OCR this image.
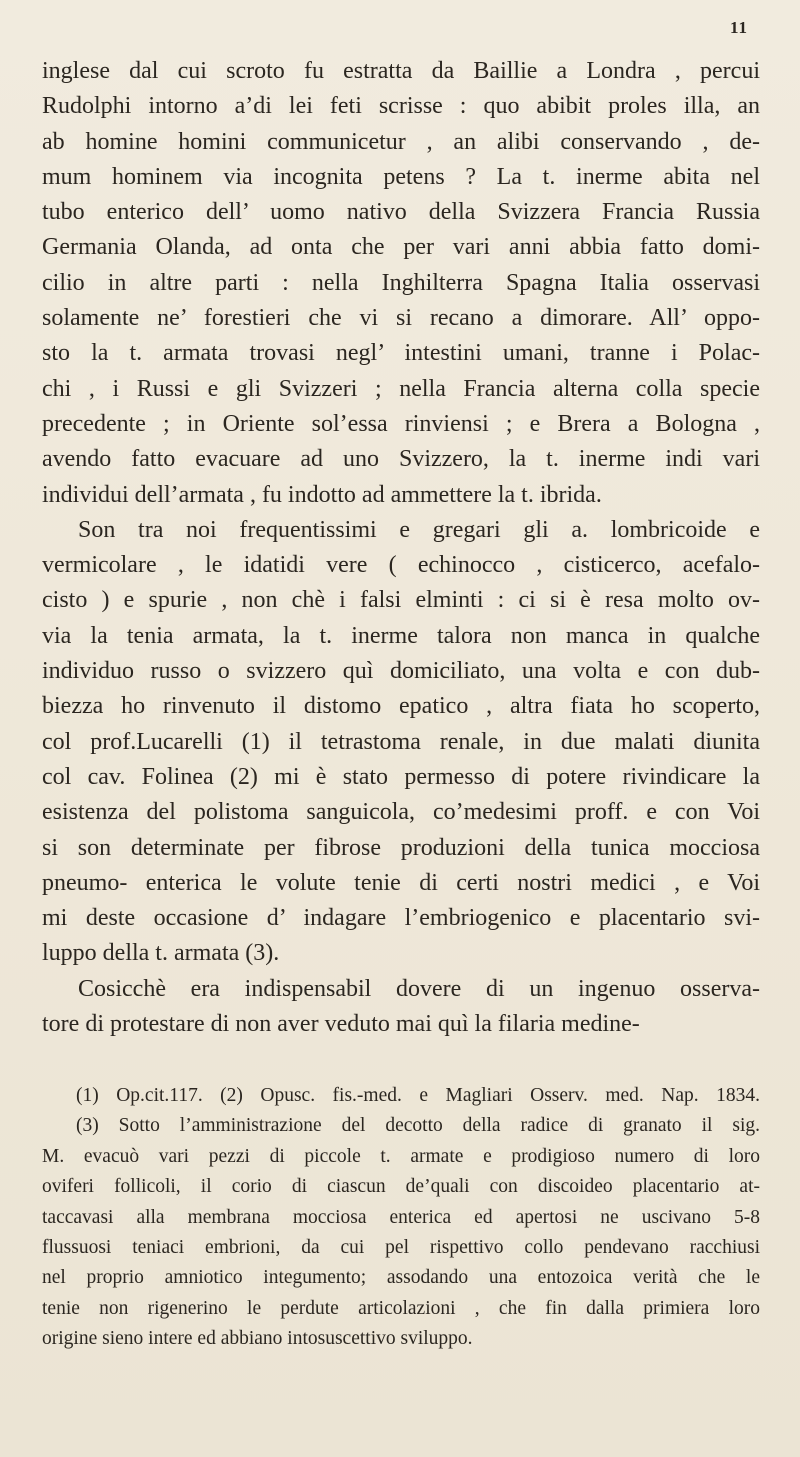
11
inglese dal cui scroto fu estratta da Baillie a Londra , percui
Rudolphi intorno a’di lei feti scrisse : quo abibit proles illa, an
ab homine homini communicetur , an alibi conservando , de-
mum hominem via incognita petens ? La t. inerme abita nel
tubo enterico dell’ uomo nativo della Svizzera Francia Russia
Germania Olanda, ad onta che per vari anni abbia fatto domi-
cilio in altre parti : nella Inghilterra Spagna Italia osservasi
solamente ne’ forestieri che vi si recano a dimorare. All’ oppo-
sto la t. armata trovasi negl’ intestini umani, tranne i Polac-
chi , i Russi e gli Svizzeri ; nella Francia alterna colla specie
precedente ; in Oriente sol’essa rinviensi ; e Brera a Bologna ,
avendo fatto evacuare ad uno Svizzero, la t. inerme indi vari
individui dell’armata , fu indotto ad ammettere la t. ibrida.
Son tra noi frequentissimi e gregari gli a. lombricoide e
vermicolare , le idatidi vere ( echinocco , cisticerco, acefalo-
cisto ) e spurie , non chè i falsi elminti : ci si è resa molto ov-
via la tenia armata, la t. inerme talora non manca in qualche
individuo russo o svizzero quì domiciliato, una volta e con dub-
biezza ho rinvenuto il distomo epatico , altra fiata ho scoperto,
col prof.Lucarelli (1) il tetrastoma renale, in due malati diunita
col cav. Folinea (2) mi è stato permesso di potere rivindicare la
esistenza del polistoma sanguicola, co’medesimi proff. e con Voi
si son determinate per fibrose produzioni della tunica mocciosa
pneumo- enterica le volute tenie di certi nostri medici , e Voi
mi deste occasione d’ indagare l’embriogenico e placentario svi-
luppo della t. armata (3).
Cosicchè era indispensabil dovere di un ingenuo osserva-
tore di protestare di non aver veduto mai quì la filaria medine-
(1) Op.cit.117. (2) Opusc. fis.-med. e Magliari Osserv. med. Nap. 1834.
(3) Sotto l’amministrazione del decotto della radice di granato il sig.
M. evacuò vari pezzi di piccole t. armate e prodigioso numero di loro
oviferi follicoli, il corio di ciascun de’quali con discoideo placentario at-
taccavasi alla membrana mocciosa enterica ed apertosi ne uscivano 5-8
flussuosi teniaci embrioni, da cui pel rispettivo collo pendevano racchiusi
nel proprio amniotico integumento; assodando una entozoica verità che le
tenie non rigenerino le perdute articolazioni , che fin dalla primiera loro
origine sieno intere ed abbiano intosuscettivo sviluppo.
